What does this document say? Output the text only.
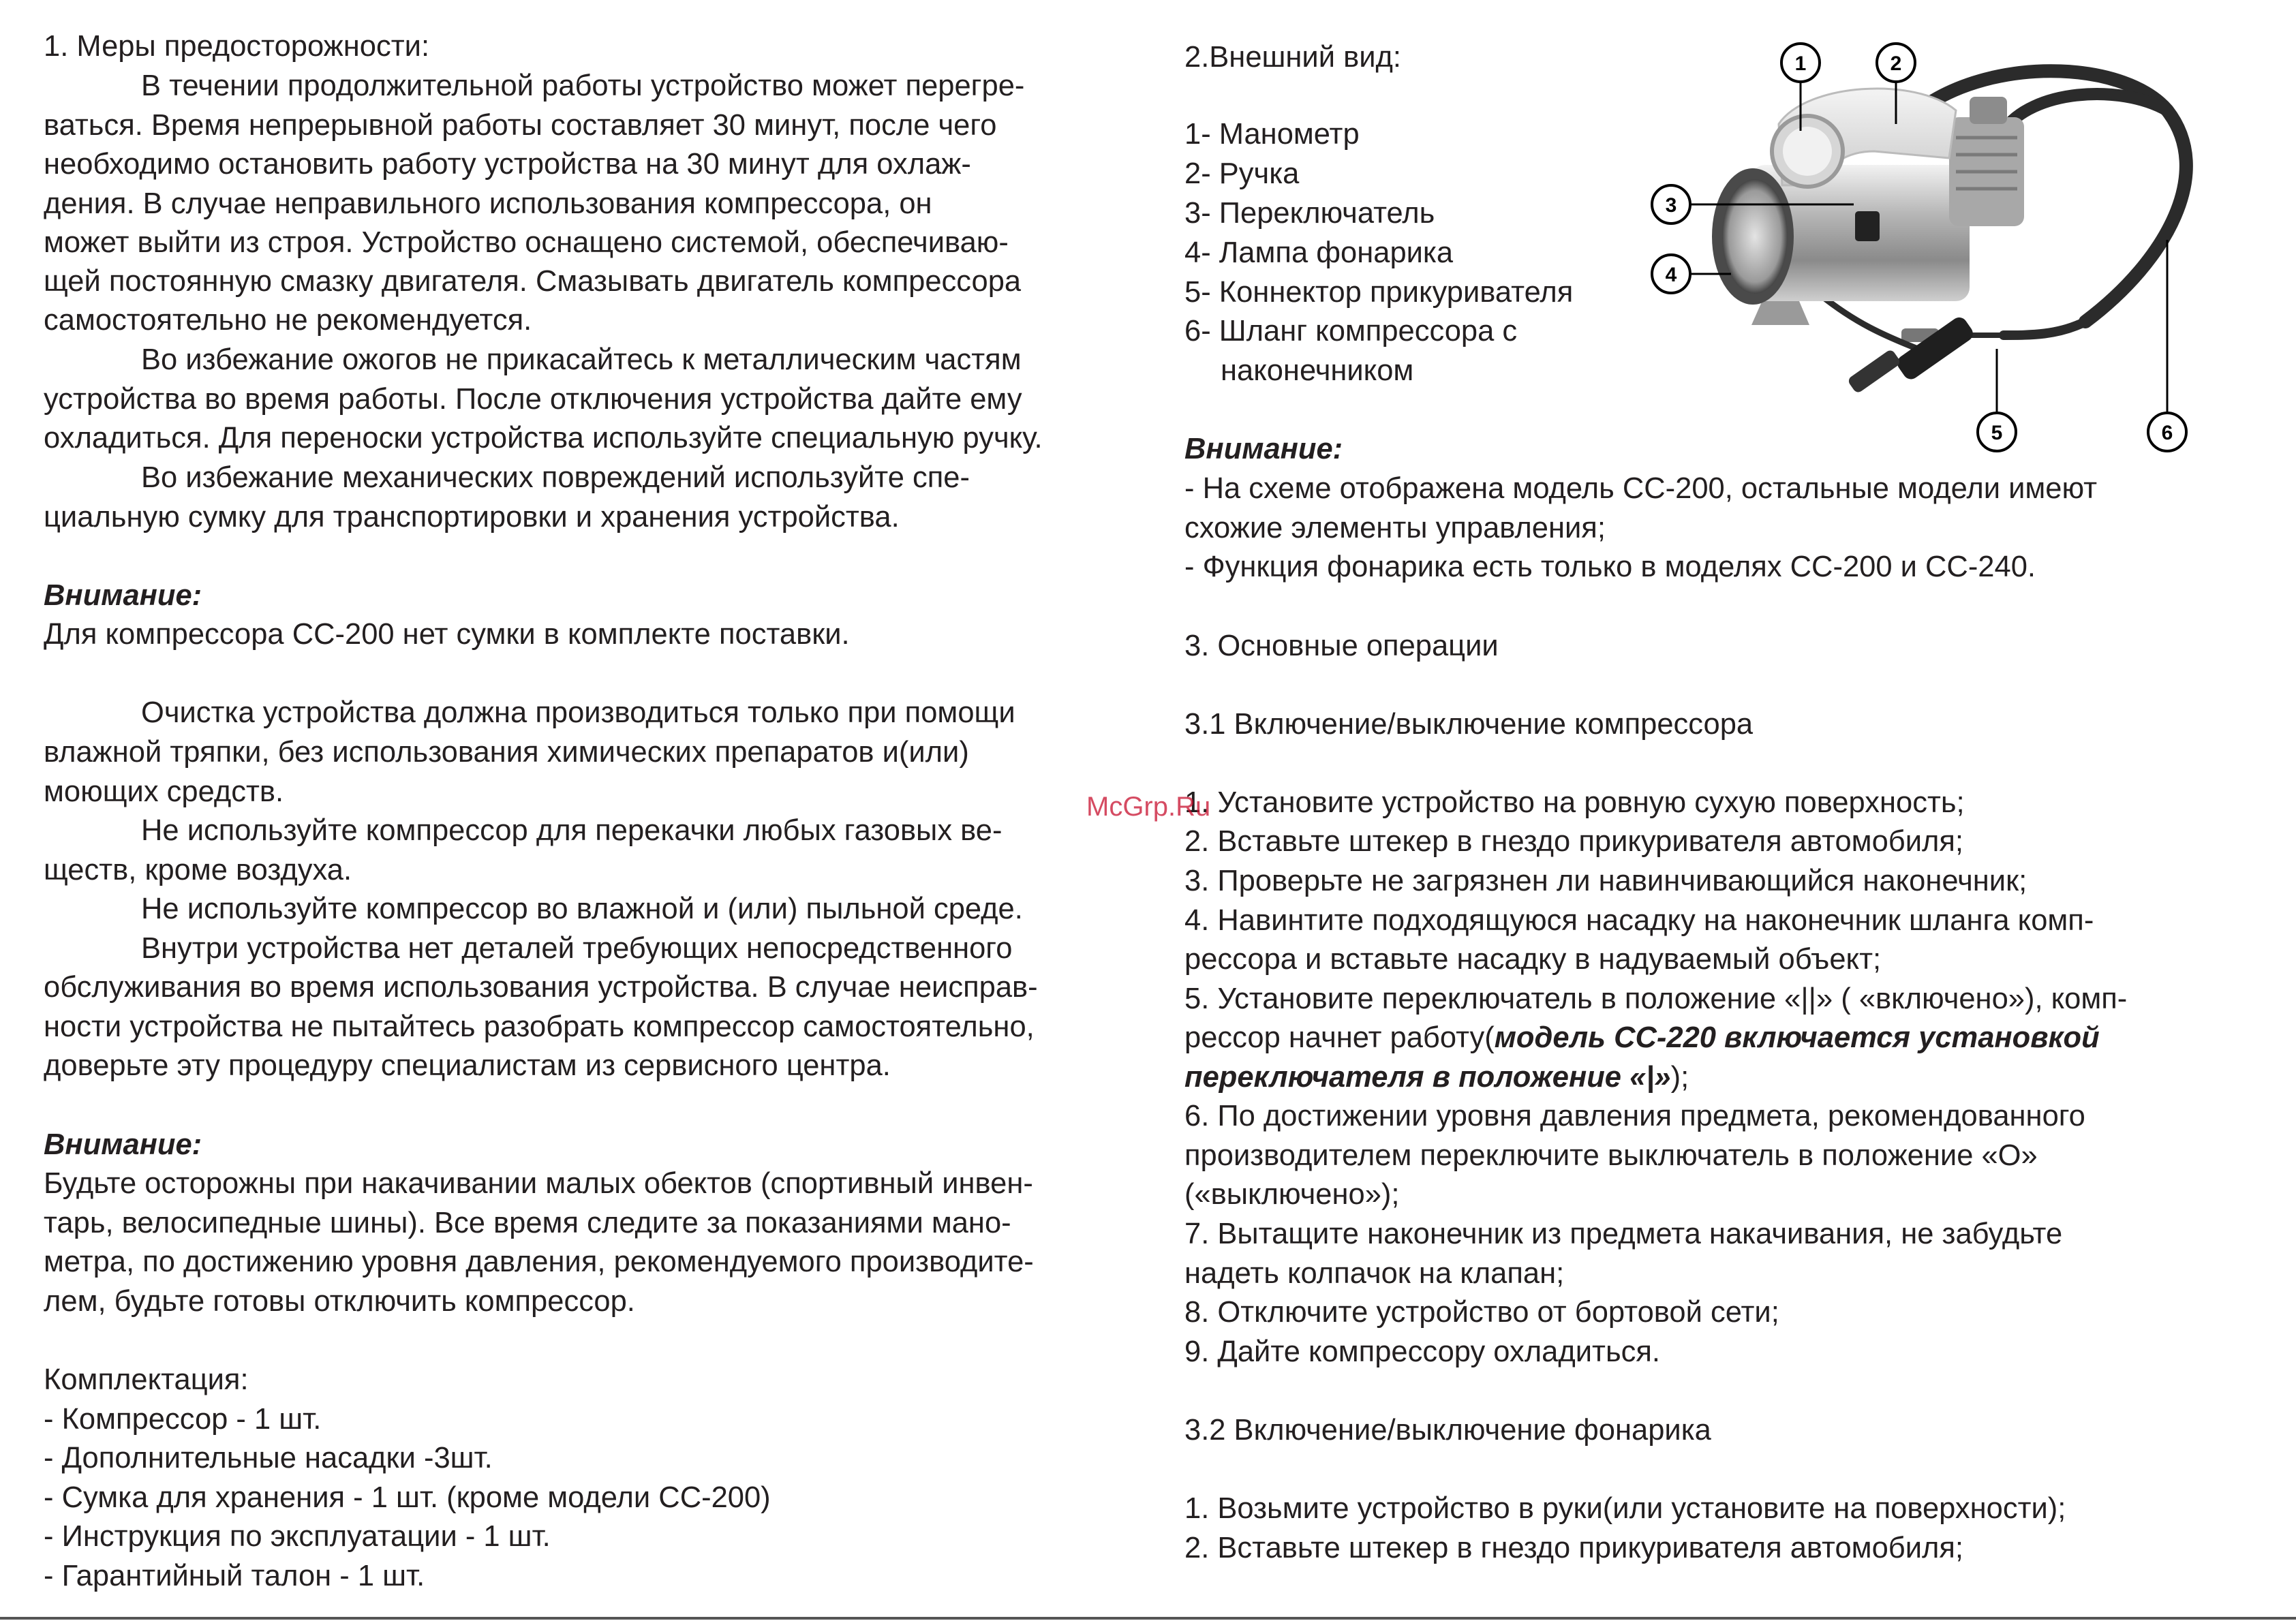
1. Меры предосторожности:
В течении продолжительной работы устройство может перегре-
ваться. Время непрерывной работы составляет 30 минут, после чего
необходимо остановить работу устройства на 30 минут для охлаж-
дения. В случае неправильного использования компрессора, он
может выйти из строя. Устройство оснащено системой, обеспечиваю-
щей постоянную смазку двигателя. Смазывать двигатель компрессора
самостоятельно не рекомендуется.
Во избежание ожогов не прикасайтесь к металлическим частям
устройства во время работы. После отключения устройства дайте ему
охладиться. Для переноски устройства используйте специальную ручку.
Во избежание механических повреждений используйте спе-
циальную сумку для транспортировки и хранения устройства.
Внимание:
Для компрессора СС-200 нет сумки в комплекте поставки.
Очистка устройства должна производиться только при помощи
влажной тряпки, без использования химических препаратов и(или)
моющих средств.
Не используйте компрессор для перекачки любых газовых ве-
ществ, кроме воздуха.
Не используйте компрессор во влажной и (или) пыльной среде.
Внутри устройства нет деталей требующих непосредственного
обслуживания во время использования устройства. В случае неиспрaв-
ности устройства не пытайтесь разобрать компрессор самостоятельно,
доверьте эту процедуру специалистам из сервисного центра.
Внимание:
Будьте осторожны при накачивании малых обектов (спортивный инвен-
тарь, велосипедные шины). Все время следите за показаниями мано-
метра, по достижению уровня давления, рекомендуемого производите-
лем, будьте готовы отключить компрессор.
Комплектация:
- Компрессор - 1 шт.
- Дополнительные насадки -3шт.
- Сумка для хранения - 1 шт. (кроме модели СС-200)
- Инструкция по эксплуатации - 1 шт.
- Гарантийный талон - 1 шт.
2.Внешний вид:
1- Манометр
2- Ручка
3- Переключатель
4- Лампа фонарика
5- Коннектор прикуривателя
6- Шланг компрессора с
наконечником
Внимание:
- На схеме отображена модель СС-200, остальные модели имеют
схожие элементы управления;
- Функция фонарика есть только в моделях СС-200 и СС-240.
3. Основные операции
3.1 Включение/выключение компрессора
1. Установите устройство на ровную сухую поверхность;
2. Вставьте штекер в гнездо прикуривателя автомобиля;
3. Проверьте не загрязнен ли навинчивающийся наконечник;
4. Навинтите подходящуюся насадку на наконечник шланга комп-
рессора и вставьте насадку в надуваемый объект;
5. Установите переключатель в положение «||» ( «включено»), комп-
рессор начнет работу(модель СС-220 включается установкой
переключателя в положение «|»);
6. По достижении уровня давления предмета, рекомендованного
производителем переключите выключатель в положение «О»
(«выключено»);
7. Вытащите наконечник из предмета накачивания, не забудьте
надеть колпачок на клапан;
8. Отключите устройство от бортовой сети;
9. Дайте компрессору охладиться.
3.2 Включение/выключение фонарика
1. Возьмите устройство в руки(или установите на поверхности);
2. Вставьте штекер в гнездо прикуривателя автомобиля;
McGrp.Ru
1	2
3
4
5	6
